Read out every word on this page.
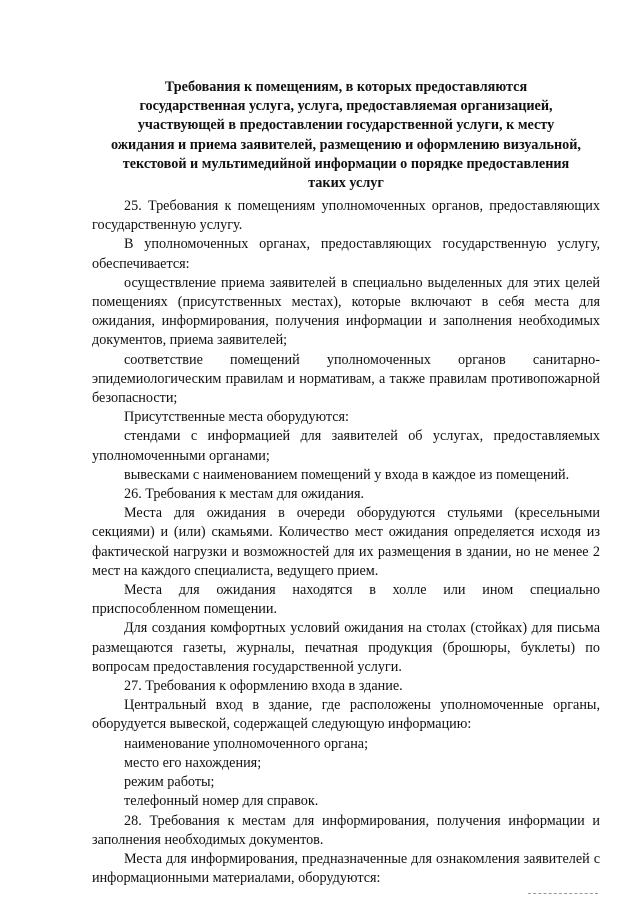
Требования к помещениям, в которых предоставляются
государственная услуга, услуга, предоставляемая организацией,
участвующей в предоставлении государственной услуги, к месту
ожидания и приема заявителей, размещению и оформлению визуальной,
текстовой и мультимедийной информации о порядке предоставления
таких услуг

25. Требования к помещениям уполномоченных органов, предоставляющих государственную услугу.

В уполномоченных органах, предоставляющих государственную услугу, обеспечивается:

осуществление приема заявителей в специально выделенных для этих целей помещениях (присутственных местах), которые включают в себя места для ожидания, информирования, получения информации и заполнения необходимых документов, приема заявителей;

соответствие помещений уполномоченных органов санитарно-эпидемиологическим правилам и нормативам, а также правилам противопожарной безопасности;

Присутственные места оборудуются:

стендами с информацией для заявителей об услугах, предоставляемых уполномоченными органами;

вывесками с наименованием помещений у входа в каждое из помещений.

26. Требования к местам для ожидания.

Места для ожидания в очереди оборудуются стульями (кресельными секциями) и (или) скамьями. Количество мест ожидания определяется исходя из фактической нагрузки и возможностей для их размещения в здании, но не менее 2 мест на каждого специалиста, ведущего прием.

Места для ожидания находятся в холле или ином специально приспособленном помещении.

Для создания комфортных условий ожидания на столах (стойках) для письма размещаются газеты, журналы, печатная продукция (брошюры, буклеты) по вопросам предоставления государственной услуги.

27. Требования к оформлению входа в здание.

Центральный вход в здание, где расположены уполномоченные органы, оборудуется вывеской, содержащей следующую информацию:

наименование уполномоченного органа;

место его нахождения;

режим работы;

телефонный номер для справок.

28. Требования к местам для информирования, получения информации и заполнения необходимых документов.

Места для информирования, предназначенные для ознакомления заявителей с информационными материалами, оборудуются:
